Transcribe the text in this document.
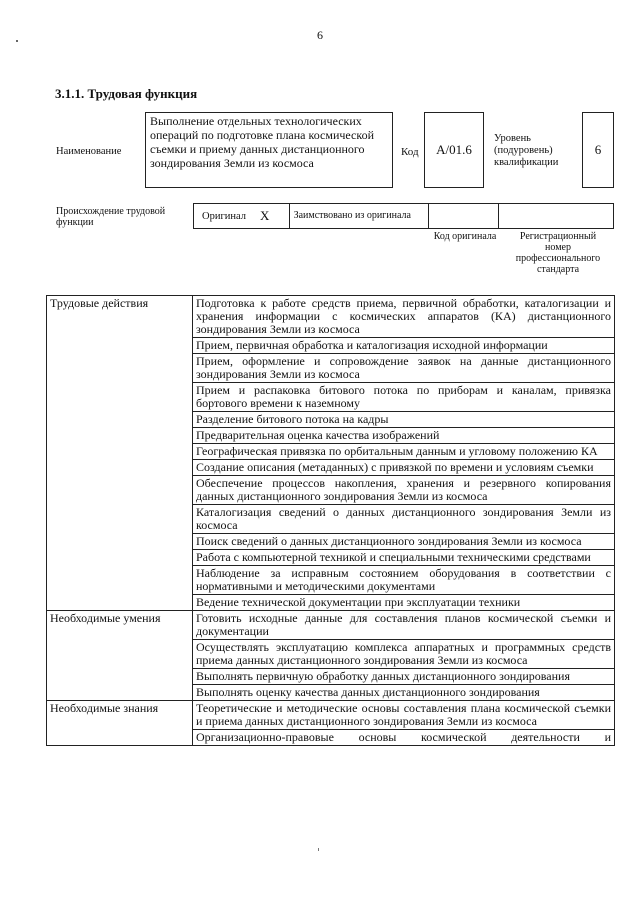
6
3.1.1. Трудовая функция
Наименование
Выполнение отдельных технологических операций по подготовке плана космической съемки и приему данных дистанционного зондирования Земли из космоса
Код A/01.6
Уровень (подуровень) квалификации
6
Происхождение трудовой функции
Оригинал X	Заимствовано из оригинала
Код оригинала	Регистрационный номер профессионального стандарта
Трудовые действия	Подготовка к работе средств приема, первичной обработки, каталогизации и хранения информации с космических аппаратов (КА) дистанционного зондирования Земли из космоса
	Прием, первичная обработка и каталогизация исходной информации
	Прием, оформление и сопровождение заявок на данные дистанционного зондирования Земли из космоса
	Прием и распаковка битового потока по приборам и каналам, привязка бортового времени к наземному
	Разделение битового потока на кадры
	Предварительная оценка качества изображений
	Географическая привязка по орбитальным данным и угловому положению КА
	Создание описания (метаданных) с привязкой по времени и условиям съемки
	Обеспечение процессов накопления, хранения и резервного копирования данных дистанционного зондирования Земли из космоса
	Каталогизация сведений о данных дистанционного зондирования Земли из космоса
	Поиск сведений о данных дистанционного зондирования Земли из космоса
	Работа с компьютерной техникой и специальными техническими средствами
	Наблюдение за исправным состоянием оборудования в соответствии с нормативными и методическими документами
	Ведение технической документации при эксплуатации техники
Необходимые умения	Готовить исходные данные для составления планов космической съемки и документации
	Осуществлять эксплуатацию комплекса аппаратных и программных средств приема данных дистанционного зондирования Земли из космоса
	Выполнять первичную обработку данных дистанционного зондирования
	Выполнять оценку качества данных дистанционного зондирования
Необходимые знания	Теоретические и методические основы составления плана космической съемки и приема данных дистанционного зондирования Земли из космоса
	Организационно-правовые основы космической деятельности и
